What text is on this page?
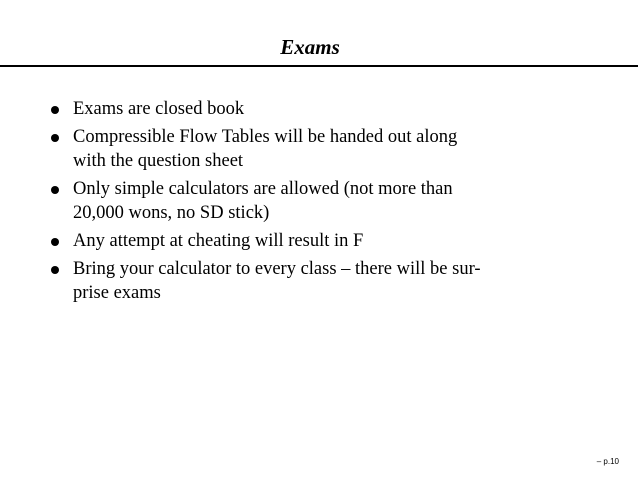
Exams
Exams are closed book
Compressible Flow Tables will be handed out along
with the question sheet
Only simple calculators are allowed (not more than
20,000 wons, no SD stick)
Any attempt at cheating will result in F
Bring your calculator to every class – there will be sur-
prise exams
– p.10
